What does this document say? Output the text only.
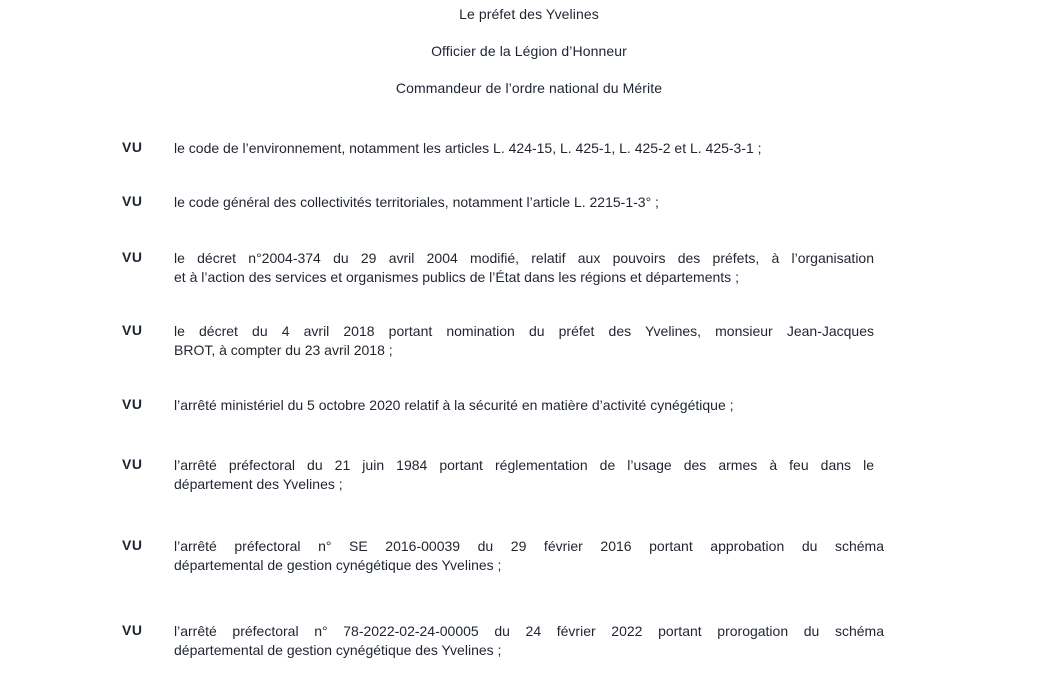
Le préfet des Yvelines
Officier de la Légion d’Honneur
Commandeur de l’ordre national du Mérite
VU le code de l’environnement, notamment les articles L. 424-15, L. 425-1, L. 425-2 et L. 425-3-1 ;
VU le code général des collectivités territoriales, notamment l’article L. 2215-1-3° ;
VU le décret n°2004-374 du 29 avril 2004 modifié, relatif aux pouvoirs des préfets, à l’organisation
et à l’action des services et organismes publics de l’État dans les régions et départements ;
VU le décret du 4 avril 2018 portant nomination du préfet des Yvelines, monsieur Jean-Jacques
BROT, à compter du 23 avril 2018 ;
VU l’arrêté ministériel du 5 octobre 2020 relatif à la sécurité en matière d’activité cynégétique ;
VU l’arrêté préfectoral du 21 juin 1984 portant réglementation de l’usage des armes à feu dans le
département des Yvelines ;
VU l’arrêté préfectoral n° SE 2016-00039 du 29 février 2016 portant approbation du schéma
départemental de gestion cynégétique des Yvelines ;
VU l’arrêté préfectoral n° 78-2022-02-24-00005 du 24 février 2022 portant prorogation du schéma
départemental de gestion cynégétique des Yvelines ;
